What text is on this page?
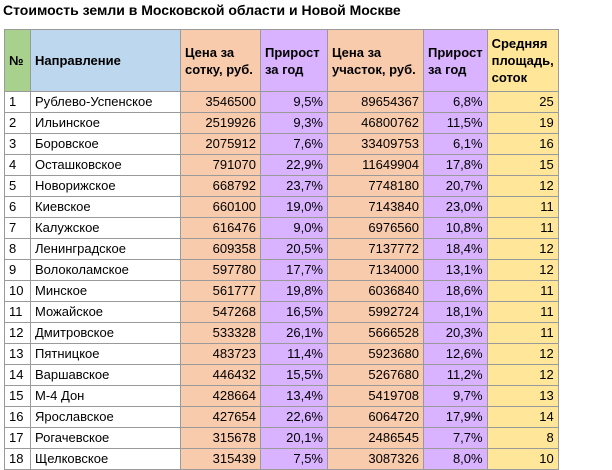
Стоимость земли в Московской области и Новой Москве
№	Направление	Цена за сотку, руб.	Прирост за год	Цена за участок, руб.	Прирост за год	Средняя площадь, соток
1	Рублево-Успенское	3546500	9,5%	89654367	6,8%	25
2	Ильинское	2519926	9,3%	46800762	11,5%	19
3	Боровское	2075912	7,6%	33409753	6,1%	16
4	Осташковское	791070	22,9%	11649904	17,8%	15
5	Новорижское	668792	23,7%	7748180	20,7%	12
6	Киевское	660100	19,0%	7143840	23,0%	11
7	Калужское	616476	9,0%	6976560	10,8%	11
8	Ленинградское	609358	20,5%	7137772	18,4%	12
9	Волоколамское	597780	17,7%	7134000	13,1%	12
10	Минское	561777	19,8%	6036840	18,6%	11
11	Можайское	547268	16,5%	5992724	18,1%	11
12	Дмитровское	533328	26,1%	5666528	20,3%	11
13	Пятницкое	483723	11,4%	5923680	12,6%	12
14	Варшавское	446432	15,5%	5267680	11,2%	12
15	М-4 Дон	428664	13,4%	5419708	9,7%	13
16	Ярославское	427654	22,6%	6064720	17,9%	14
17	Рогачевское	315678	20,1%	2486545	7,7%	8
18	Щелковское	315439	7,5%	3087326	8,0%	10
